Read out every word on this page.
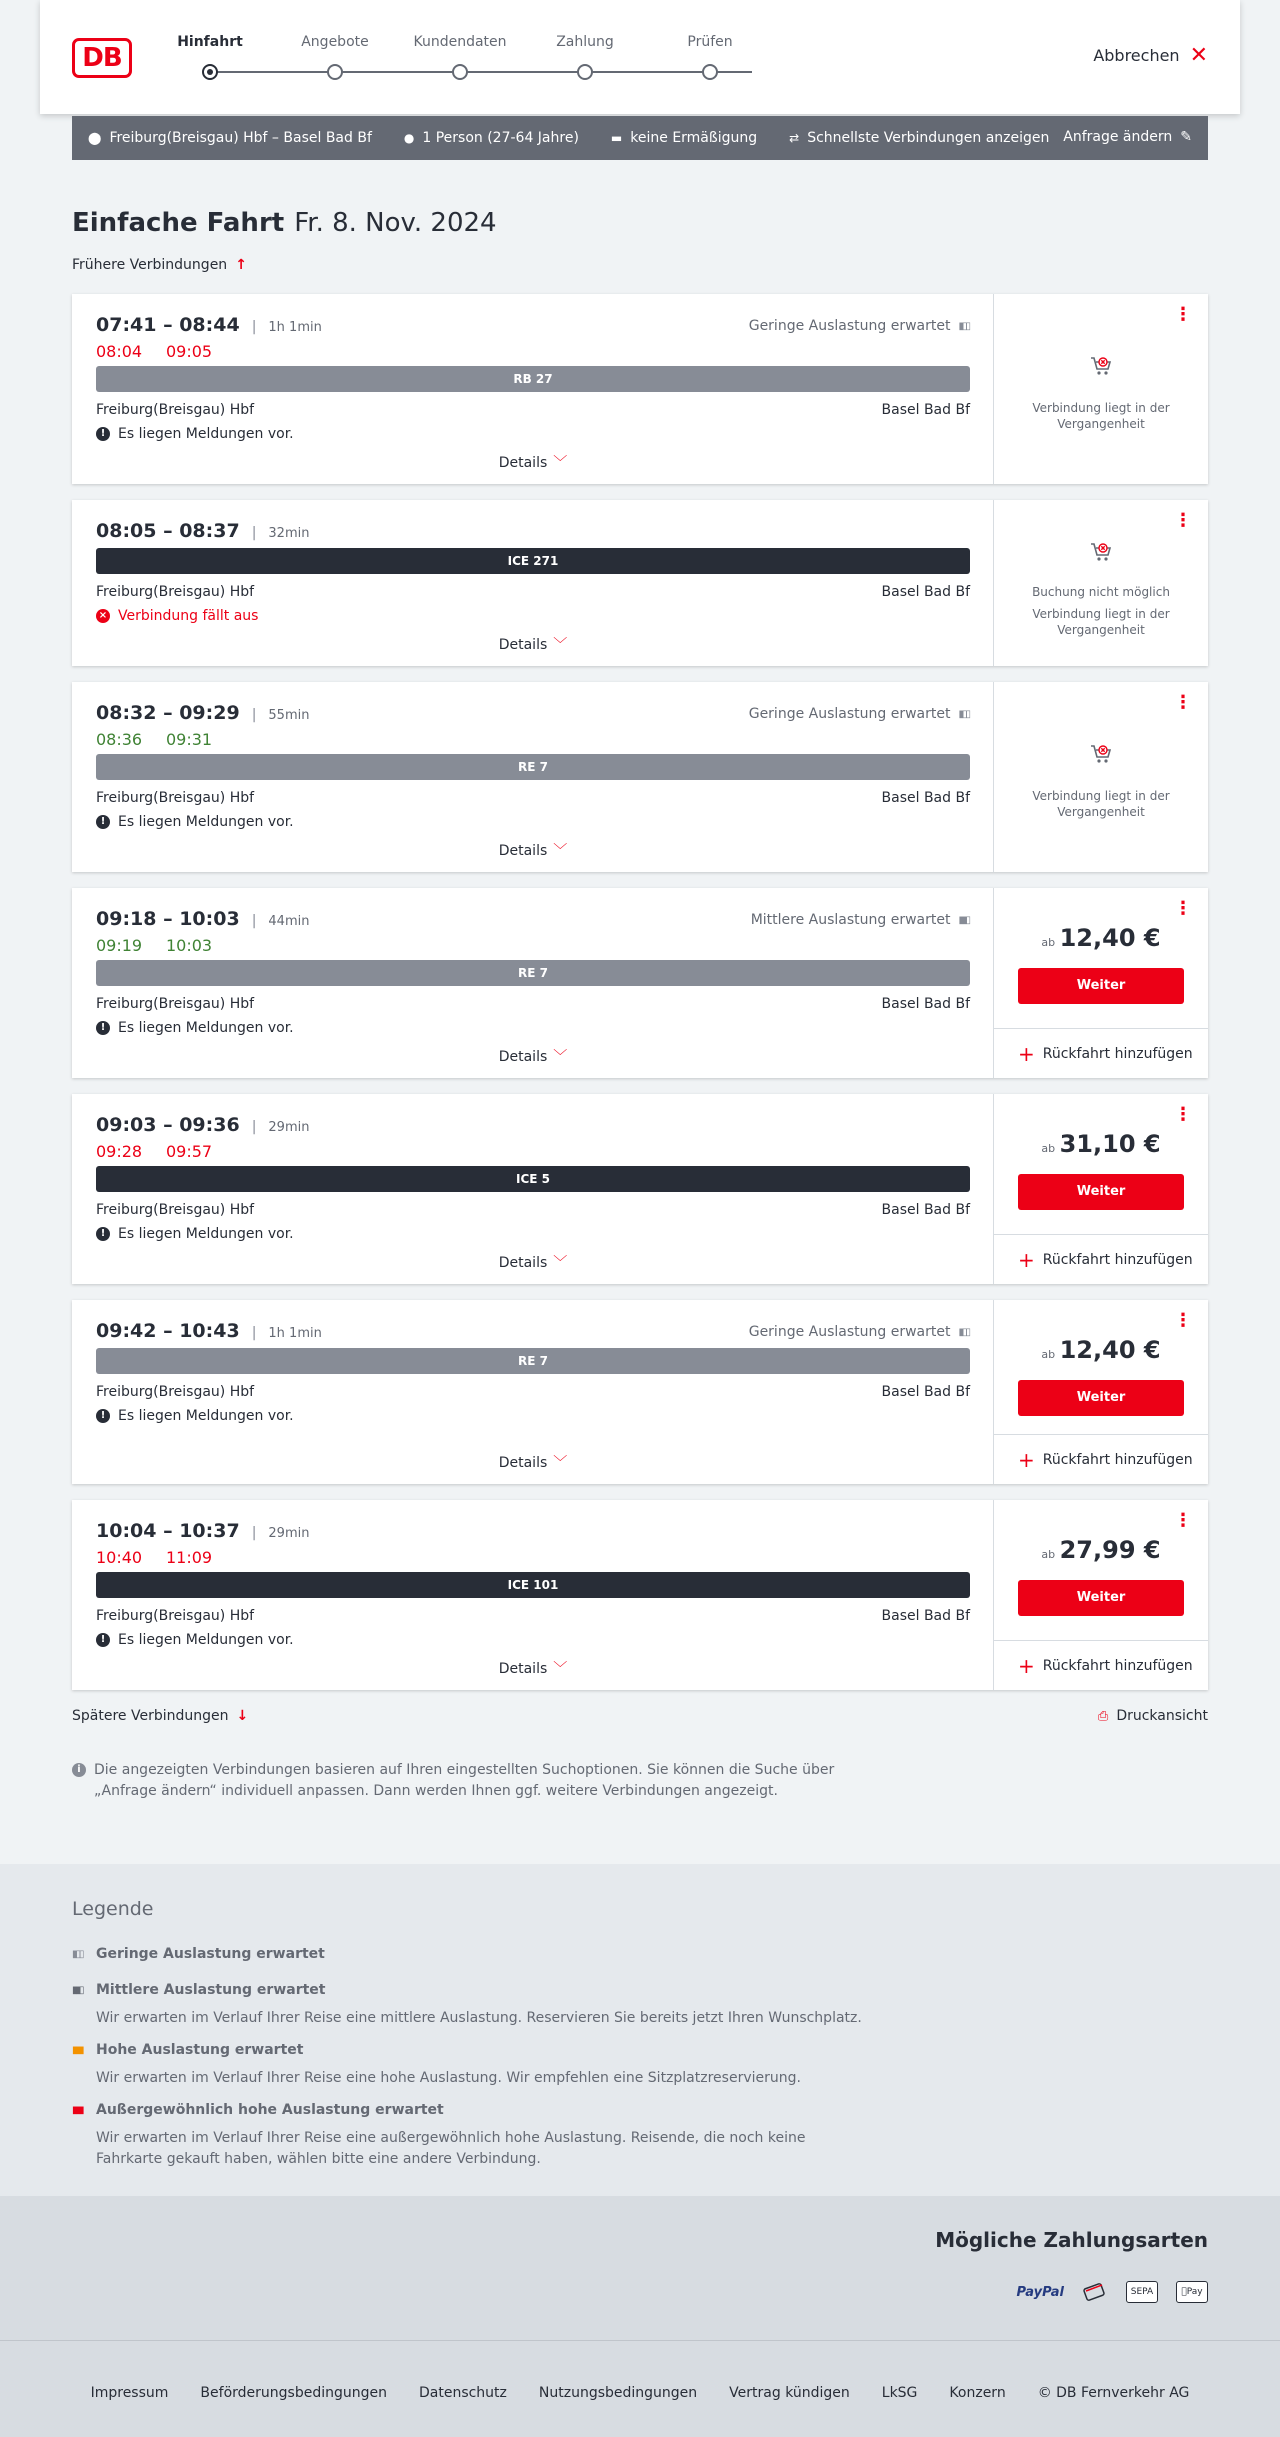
DB
Hinfahrt	Angebote	Kundendaten	Zahlung	Prüfen
Abbrechen ✕
⬤ Freiburg(Breisgau) Hbf – Basel Bad Bf	● 1 Person (27-64 Jahre)	▬ keine Ermäßigung	⇄ Schnellste Verbindungen anzeigen Anfrage ändern ✎
Einfache Fahrt Fr. 8. Nov. 2024
Frühere Verbindungen ↑
07:41 – 08:44 | 1h 1min
08:04 09:05
Geringe Auslastung erwartet ▮▯▯
RB 27
Freiburg(Breisgau) Hbf	Basel Bad Bf
! Es liegen Meldungen vor.
Details ﹀
⋮
Verbindung liegt in der Vergangenheit
08:05 – 08:37 | 32min
ICE 271
Freiburg(Breisgau) Hbf	Basel Bad Bf
× Verbindung fällt aus
Details ﹀
⋮
Buchung nicht möglich
Verbindung liegt in der Vergangenheit
08:32 – 09:29 | 55min
08:36 09:31
Geringe Auslastung erwartet ▮▯▯
RE 7
Freiburg(Breisgau) Hbf	Basel Bad Bf
! Es liegen Meldungen vor.
Details ﹀
⋮
Verbindung liegt in der Vergangenheit
09:18 – 10:03 | 44min
09:19 10:03
Mittlere Auslastung erwartet ▮▮▯
RE 7
Freiburg(Breisgau) Hbf	Basel Bad Bf
! Es liegen Meldungen vor.
Details ﹀
⋮
ab 12,40 €
Weiter
+ Rückfahrt hinzufügen
09:03 – 09:36 | 29min
09:28 09:57
ICE 5
Freiburg(Breisgau) Hbf	Basel Bad Bf
! Es liegen Meldungen vor.
Details ﹀
⋮
ab 31,10 €
Weiter
+ Rückfahrt hinzufügen
09:42 – 10:43 | 1h 1min	Geringe Auslastung erwartet ▮▯▯
RE 7
Freiburg(Breisgau) Hbf	Basel Bad Bf
! Es liegen Meldungen vor.
Details ﹀
⋮
ab 12,40 €
Weiter
+ Rückfahrt hinzufügen
10:04 – 10:37 | 29min
10:40 11:09
ICE 101
Freiburg(Breisgau) Hbf	Basel Bad Bf
! Es liegen Meldungen vor.
Details ﹀
⋮
ab 27,99 €
Weiter
+ Rückfahrt hinzufügen
Spätere Verbindungen ↓	⎙ Druckansicht
i Die angezeigten Verbindungen basieren auf Ihren eingestellten Suchoptionen. Sie können die Suche über „Anfrage ändern“ individuell anpassen. Dann werden Ihnen ggf. weitere Verbindungen angezeigt.
Legende
▮▯▯ Geringe Auslastung erwartet
▮▮▯ Mittlere Auslastung erwartet
Wir erwarten im Verlauf Ihrer Reise eine mittlere Auslastung. Reservieren Sie bereits jetzt Ihren Wunschplatz.
▮▮▮ Hohe Auslastung erwartet
Wir erwarten im Verlauf Ihrer Reise eine hohe Auslastung. Wir empfehlen eine Sitzplatzreservierung.
▮▮▮ Außergewöhnlich hohe Auslastung erwartet
Wir erwarten im Verlauf Ihrer Reise eine außergewöhnlich hohe Auslastung. Reisende, die noch keine Fahrkarte gekauft haben, wählen bitte eine andere Verbindung.
Mögliche Zahlungsarten
PayPal	SEPA	Pay
Impressum Beförderungsbedingungen Datenschutz Nutzungsbedingungen Vertrag kündigen LkSG Konzern © DB Fernverkehr AG
